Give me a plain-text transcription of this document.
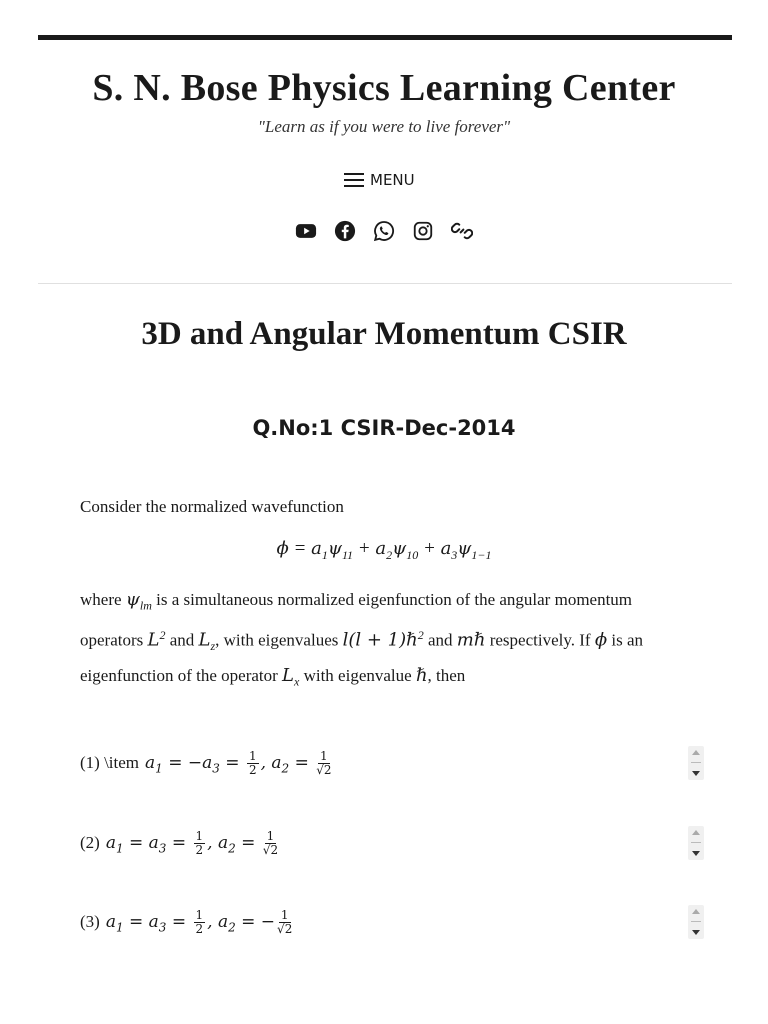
S. N. Bose Physics Learning Center
"Learn as if you were to live forever"
MENU
3D and Angular Momentum CSIR
Q.No:1 CSIR-Dec-2014
Consider the normalized wavefunction
$\phi = a_1\psi_{11} + a_2\psi_{10} + a_3\psi_{1-1}$
where $\psi_{lm}$ is a simultaneous normalized eigenfunction of the angular momentum operators $L^2$ and $L_z$, with eigenvalues l(l + 1)ℏ$^2$ and mℏ respectively. If ϕ is an eigenfunction of the operator $L_x$ with eigenvalue ℏ, then
(1) \item $a_1 = -a_3 = \frac{1}{2}$ , $a_2 = \frac{1}{√2}$
(2) $a_1 = a_3 = \frac{1}{2}$ , $a_2 = \frac{1}{√2}$
(3) $a_1 = a_3 = \frac{1}{2}$ , $a_2$ = − $\frac{1}{√2}$
